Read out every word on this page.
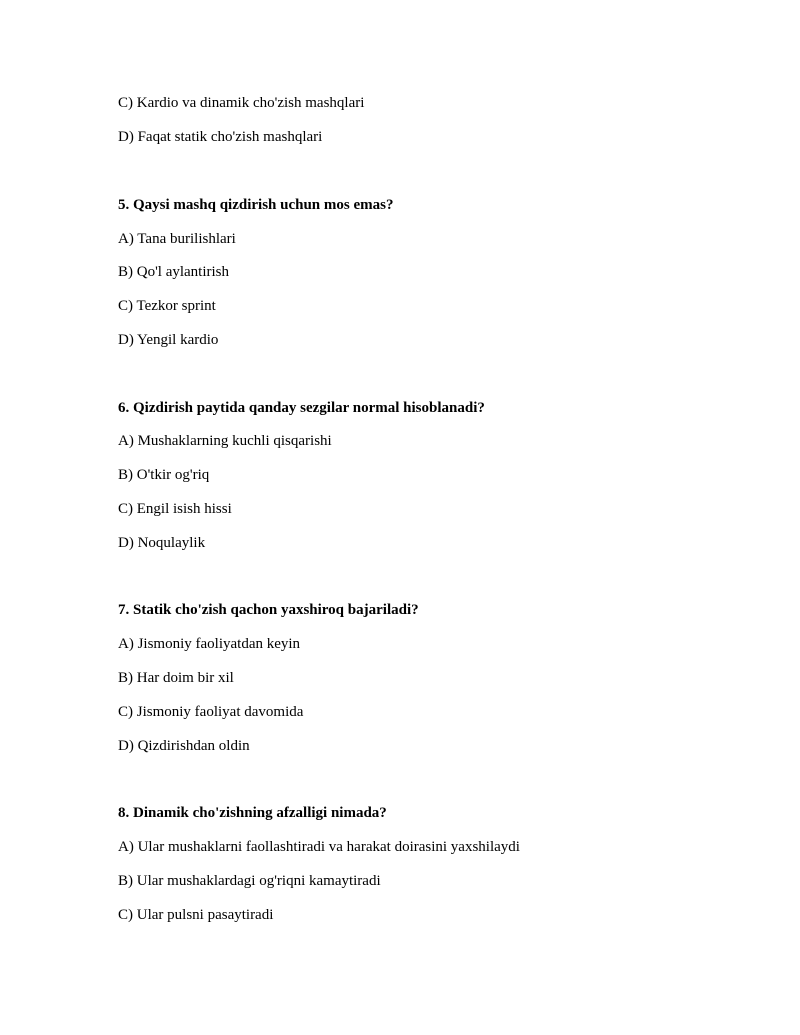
C) Kardio va dinamik cho'zish mashqlari
D) Faqat statik cho'zish mashqlari
5. Qaysi mashq qizdirish uchun mos emas?
A) Tana burilishlari
B) Qo'l aylantirish
C) Tezkor sprint
D) Yengil kardio
6. Qizdirish paytida qanday sezgilar normal hisoblanadi?
A) Mushaklarning kuchli qisqarishi
B) O'tkir og'riq
C) Engil isish hissi
D) Noqulaylik
7. Statik cho'zish qachon yaxshiroq bajariladi?
A) Jismoniy faoliyatdan keyin
B) Har doim bir xil
C) Jismoniy faoliyat davomida
D) Qizdirishdan oldin
8. Dinamik cho'zishning afzalligi nimada?
A) Ular mushaklarni faollashtiradi va harakat doirasini yaxshilaydi
B) Ular mushaklardagi og'riqni kamaytiradi
C) Ular pulsni pasaytiradi
